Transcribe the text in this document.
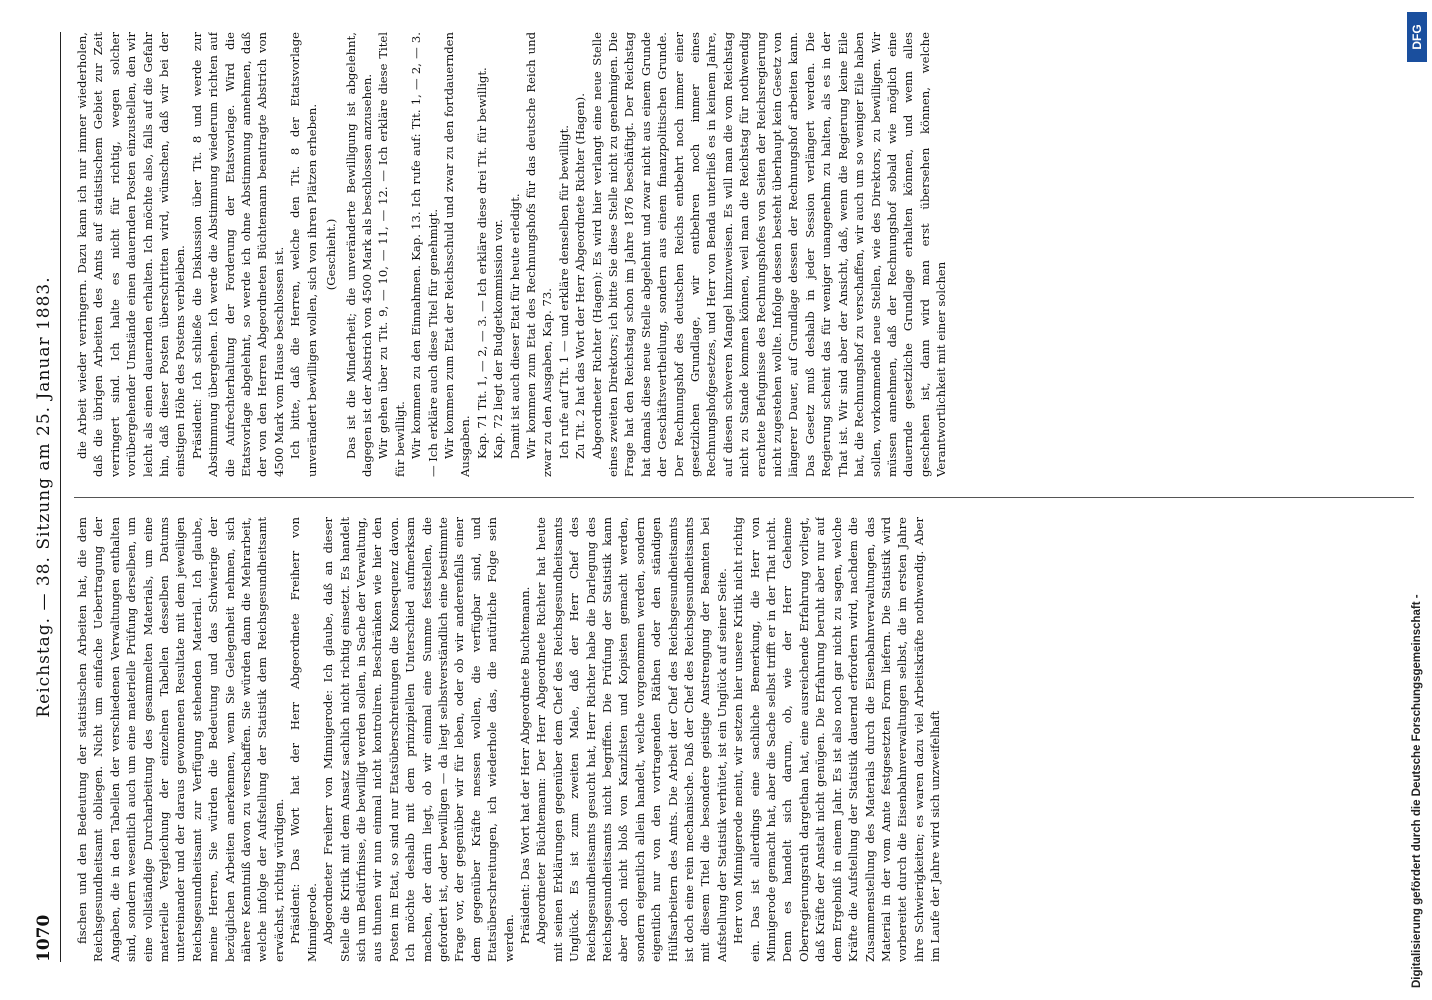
1070
Reichstag. — 38. Sitzung am 25. Januar 1883.

fischen und den Bedeutung der statistischen Arbeiten hat, die dem Reichsgesundheitsamt obliegen. Nicht um einfache Uebertragung der Angaben, die in den Tabellen der verschiedenen Verwaltungen enthalten sind, sondern wesentlich auch um eine materielle Prüfung derselben, um eine vollständige Durcharbeitung des gesammelten Materials, um eine materielle Vergleichung der einzelnen Tabellen desselben Datums untereinander und der daraus gewonnenen Resultate mit dem jeweiligen Reichsgesundheitsamt zur Verfügung stehenden Material. Ich glaube, meine Herren, Sie würden die Bedeutung und das Schwierige der bezüglichen Arbeiten anerkennen, wenn Sie Gelegenheit nehmen, sich nähere Kenntniß davon zu verschaffen. Sie würden dann die Mehrarbeit, welche infolge der Aufstellung der Statistik dem Reichsgesundheitsamt erwächst, richtig würdigen. Präsident: Das Wort hat der Herr Abgeordnete Freiherr von Minnigerode. Abgeordneter Freiherr von Minnigerode: Ich glaube, daß an dieser Stelle die Kritik mit dem Ansatz sachlich nicht richtig einsetzt. Es handelt sich um Bedürfnisse, die bewilligt werden sollen, in Sache der Verwaltung, aus thunen wir nun einmal nicht kontroliren. Beschränken wie hier den Posten im Etat, so sind nur Etatsüberschreitungen die Konsequenz davon. Ich möchte deshalb mit dem prinzipiellen Unterschied aufmerksam machen, der darin liegt, ob wir einmal eine Summe feststellen, die gefordert ist, oder bewilligen — da liegt selbstverständlich eine bestimmte Frage vor, der gegenüber wir für leben, oder ob wir anderenfalls einer dem gegenüber Kräfte messen wollen, die verfügbar sind, und Etatsüberschreitungen, ich wiederhole das, die natürliche Folge sein werden. Präsident: Das Wort hat der Herr Abgeordnete Buchtemann. Abgeordneter Büchtemann: Der Herr Abgeordnete Richter hat heute mit seinen Erklärungen gegenüber dem Chef des Reichsgesundheitsamts Unglück. Es ist zum zweiten Male, daß der Herr Chef des Reichsgesundheitsamts gesucht hat, Herr Richter habe die Darlegung des Reichsgesundheitsamts nicht begriffen. Die Prüfung der Statistik kann aber doch nicht bloß von Kanzlisten und Kopisten gemacht werden, sondern eigentlich allein handelt, welche vorgenommen werden, sondern eigentlich nur von den vortragenden Räthen oder den ständigen Hülfsarbeitern des Amts. Die Arbeit der Chef des Reichsgesundheitsamts ist doch eine rein mechanische. Daß der Chef des Reichsgesundheitsamts mit diesem Titel die besondere geistige Anstrengung der Beamten bei Aufstellung der Statistik verhütet, ist ein Unglück auf seiner Seite. Herr von Minnigerode meint, wir setzen hier unsere Kritik nicht richtig ein. Das ist allerdings eine sachliche Bemerkung, die Herr von Minnigerode gemacht hat, aber die Sache selbst trifft er in der That nicht. Denn es handelt sich darum, ob, wie der Herr Geheime Oberregierungsrath dargethan hat, eine ausreichende Erfahrung vorliegt, daß Kräfte der Anstalt nicht genügen. Die Erfahrung beruht aber nur auf dem Ergebniß in einem Jahr. Es ist also noch gar nicht zu sagen, welche Kräfte die Aufstellung der Statistik dauernd erfordern wird, nachdem die Zusammenstellung des Materials durch die Eisenbahnverwaltungen, das Material in der vom Amte festgesetzten Form liefern. Die Statistik wird vorbereitet durch die Eisenbahnverwaltungen selbst, die im ersten Jahre ihre Schwierigkeiten; es waren dazu viel Arbeitskräfte nothwendig. Aber im Laufe der Jahre wird sich unzweifelhaft

die Arbeit wieder verringern. Dazu kann ich nur immer wiederholen, daß die übrigen Arbeiten des Amts auf statistischem Gebiet zur Zeit verringert sind. Ich halte es nicht für richtig, wegen solcher vorübergehender Umstände einen dauernden Posten einzustellen, den wir leicht als einen dauernden erhalten. Ich möchte also, falls auf die Gefahr hin, daß dieser Posten überschritten wird, wünschen, daß wir bei der einstigen Höhe des Postens verbleiben. Präsident: Ich schließe die Diskussion über Tit. 8 und werde zur Abstimmung übergehen. Ich werde die Abstimmung wiederum richten auf die Aufrechterhaltung der Forderung der Etatsvorlage. Wird die Etatsvorlage abgelehnt, so werde ich ohne Abstimmung annehmen, daß der von den Herren Abgeordneten Büchtemann beantragte Abstrich von 4500 Mark vom Hause beschlossen ist. Ich bitte, daß die Herren, welche den Tit. 8 der Etatsvorlage unverändert bewilligen wollen, sich von ihren Plätzen erheben. (Geschieht.) Das ist die Minderheit; die unveränderte Bewilligung ist abgelehnt, dagegen ist der Abstrich von 4500 Mark als beschlossen anzusehen. Wir gehen über zu Tit. 9, — 10, — 11, — 12. — Ich erkläre diese Titel für bewilligt. Wir kommen zu den Einnahmen. Kap. 13. Ich rufe auf: Tit. 1, — 2, — 3. — Ich erkläre auch diese Titel für genehmigt. Wir kommen zum Etat der Reichsschuld und zwar zu den fortdauernden Ausgaben. Kap. 71 Tit. 1, — 2, — 3. — Ich erkläre diese drei Tit. für bewilligt. Kap. 72 liegt der Budgetkommission vor. Damit ist auch dieser Etat für heute erledigt. Wir kommen zum Etat des Rechnungshofs für das deutsche Reich und zwar zu den Ausgaben, Kap. 73. Ich rufe auf Tit. 1 — und erkläre denselben für bewilligt. Zu Tit. 2 hat das Wort der Herr Abgeordnete Richter (Hagen). Abgeordneter Richter (Hagen): Es wird hier verlangt eine neue Stelle eines zweiten Direktors; ich bitte Sie diese Stelle nicht zu genehmigen. Die Frage hat den Reichstag schon im Jahre 1876 beschäftigt. Der Reichstag hat damals diese neue Stelle abgelehnt und zwar nicht aus einem Grunde der Geschäftsvertheilung, sondern aus einem finanzpolitischen Grunde. Der Rechnungshof des deutschen Reichs entbehrt noch immer einer gesetzlichen Grundlage, wir entbehren noch immer eines Rechnungshofgesetzes, und Herr von Benda unterließ es in keinem Jahre, auf diesen schweren Mangel hinzuweisen. Es will man die vom Reichstag nicht zu Stande kommen können, weil man die Reichstag für nothwendig erachtete Befugnisse des Rechnungshofes von Seiten der Reichsregierung nicht zugestehen wollte. Infolge dessen besteht überhaupt kein Gesetz von längerer Dauer, auf Grundlage dessen der Rechnungshof arbeiten kann. Das Gesetz muß deshalb in jeder Session verlängert werden. Die Regierung scheint das für weniger unangenehm zu halten, als es in der That ist. Wir sind aber der Ansicht, daß, wenn die Regierung keine Eile hat, die Rechnungshof zu verschaffen, wir auch um so weniger Eile haben sollen, vorkommende neue Stellen, wie des Direktors, zu bewilligen. Wir müssen annehmen, daß der Rechnungshof sobald wie möglich eine dauernde gesetzliche Grundlage erhalten können, und wenn alles geschehen ist, dann wird man erst übersehen können, welche Verantwortlichkeit mit einer solchen

DFG
Digitalisierung gefördert durch die Deutsche Forschungsgemeinschaft -
